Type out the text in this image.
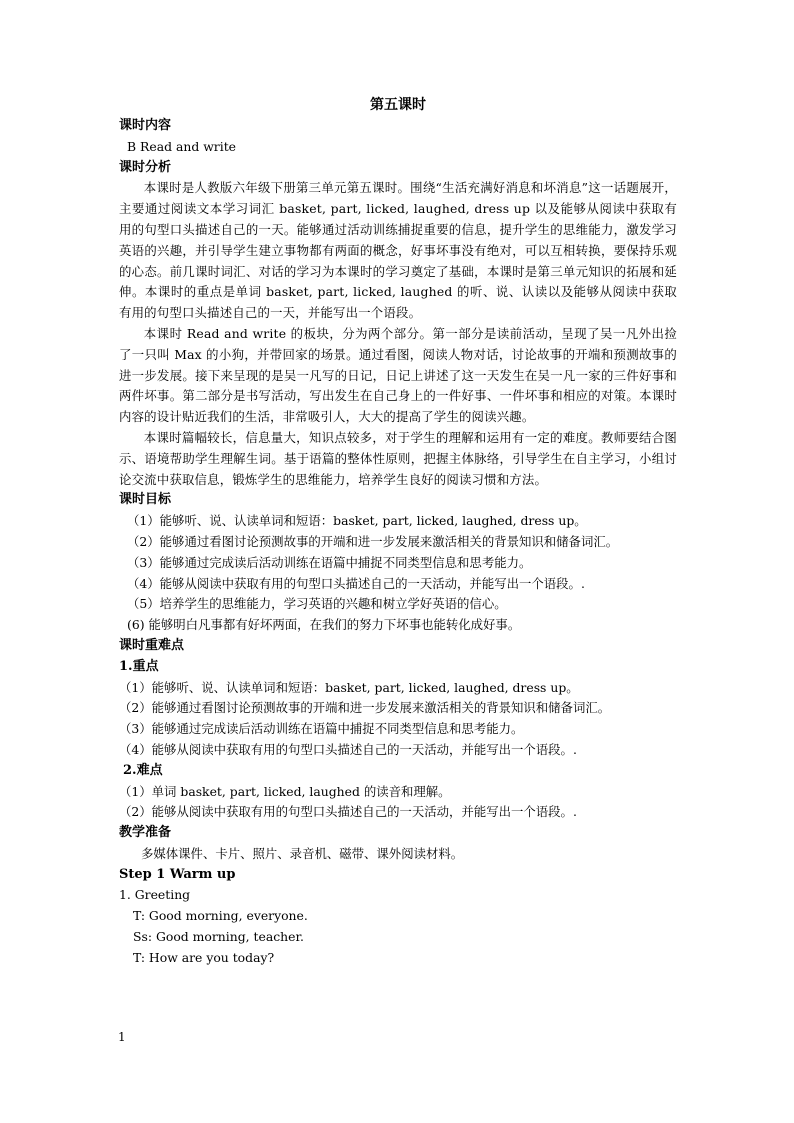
第五课时

课时内容

B Read and write

课时分析

本课时是人教版六年级下册第三单元第五课时。围绕“生活充满好消息和坏消息”这一话题展开，主要通过阅读文本学习词汇 basket, part, licked, laughed, dress up 以及能够从阅读中获取有用的句型口头描述自己的一天。能够通过活动训练捕捉重要的信息，提升学生的思维能力，激发学习英语的兴趣，并引导学生建立事物都有两面的概念，好事坏事没有绝对，可以互相转换，要保持乐观的心态。前几课时词汇、对话的学习为本课时的学习奠定了基础，本课时是第三单元知识的拓展和延伸。本课时的重点是单词 basket, part, licked, laughed 的听、说、认读以及能够从阅读中获取有用的句型口头描述自己的一天，并能写出一个语段。

本课时 Read and write 的板块，分为两个部分。第一部分是读前活动，呈现了吴一凡外出捡了一只叫 Max 的小狗，并带回家的场景。通过看图，阅读人物对话，讨论故事的开端和预测故事的进一步发展。接下来呈现的是吴一凡写的日记，日记上讲述了这一天发生在吴一凡一家的三件好事和两件坏事。第二部分是书写活动，写出发生在自己身上的一件好事、一件坏事和相应的对策。本课时内容的设计贴近我们的生活，非常吸引人，大大的提高了学生的阅读兴趣。

本课时篇幅较长，信息量大，知识点较多，对于学生的理解和运用有一定的难度。教师要结合图示、语境帮助学生理解生词。基于语篇的整体性原则，把握主体脉络，引导学生在自主学习，小组讨论交流中获取信息，锻炼学生的思维能力，培养学生良好的阅读习惯和方法。

课时目标

（1）能够听、说、认读单词和短语：basket, part, licked, laughed, dress up。

（2）能够通过看图讨论预测故事的开端和进一步发展来激活相关的背景知识和储备词汇。

（3）能够通过完成读后活动训练在语篇中捕捉不同类型信息和思考能力。

（4）能够从阅读中获取有用的句型口头描述自己的一天活动，并能写出一个语段。.

（5）培养学生的思维能力，学习英语的兴趣和树立学好英语的信心。

(6) 能够明白凡事都有好坏两面，在我们的努力下坏事也能转化成好事。

课时重难点

1.重点

（1）能够听、说、认读单词和短语：basket, part, licked, laughed, dress up。

（2）能够通过看图讨论预测故事的开端和进一步发展来激活相关的背景知识和储备词汇。

（3）能够通过完成读后活动训练在语篇中捕捉不同类型信息和思考能力。

（4）能够从阅读中获取有用的句型口头描述自己的一天活动，并能写出一个语段。.

2.难点

（1）单词 basket, part, licked, laughed 的读音和理解。

（2）能够从阅读中获取有用的句型口头描述自己的一天活动，并能写出一个语段。.

教学准备

多媒体课件、卡片、照片、录音机、磁带、课外阅读材料。

Step 1 Warm up

1. Greeting

T: Good morning, everyone.

Ss: Good morning, teacher.

T: How are you today?

1
